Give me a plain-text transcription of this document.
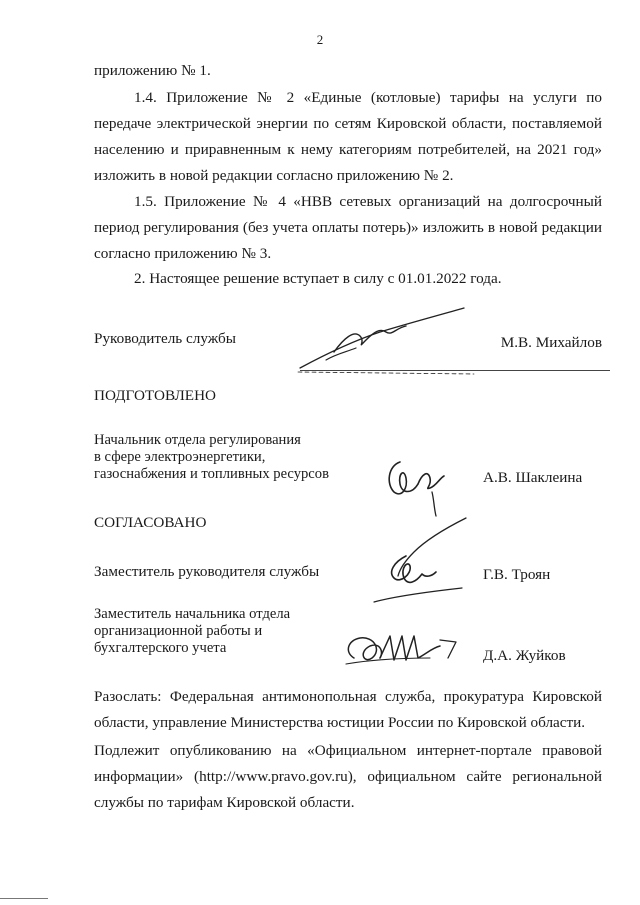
2
приложению № 1.
1.4. Приложение № 2 «Единые (котловые) тарифы на услуги по передаче электрической энергии по сетям Кировской области, поставляемой населению и приравненным к нему категориям потребителей, на 2021 год» изложить в новой редакции согласно приложению № 2.
1.5. Приложение № 4 «НВВ сетевых организаций на долгосрочный период регулирования (без учета оплаты потерь)» изложить в новой редакции согласно приложению № 3.
2. Настоящее решение вступает в силу с 01.01.2022 года.
Руководитель службы	М.В. Михайлов
ПОДГОТОВЛЕНО
Начальник отдела регулирования
в сфере электроэнергетики,
газоснабжения и топливных ресурсов	А.В. Шаклеина
СОГЛАСОВАНО
Заместитель руководителя службы	Г.В. Троян
Заместитель начальника отдела
организационной работы и
бухгалтерского учета	Д.А. Жуйков
Разослать: Федеральная антимонопольная служба, прокуратура Кировской области, управление Министерства юстиции России по Кировской области.
Подлежит опубликованию на «Официальном интернет-портале правовой информации» (http://www.pravo.gov.ru), официальном сайте региональной службы по тарифам Кировской области.
